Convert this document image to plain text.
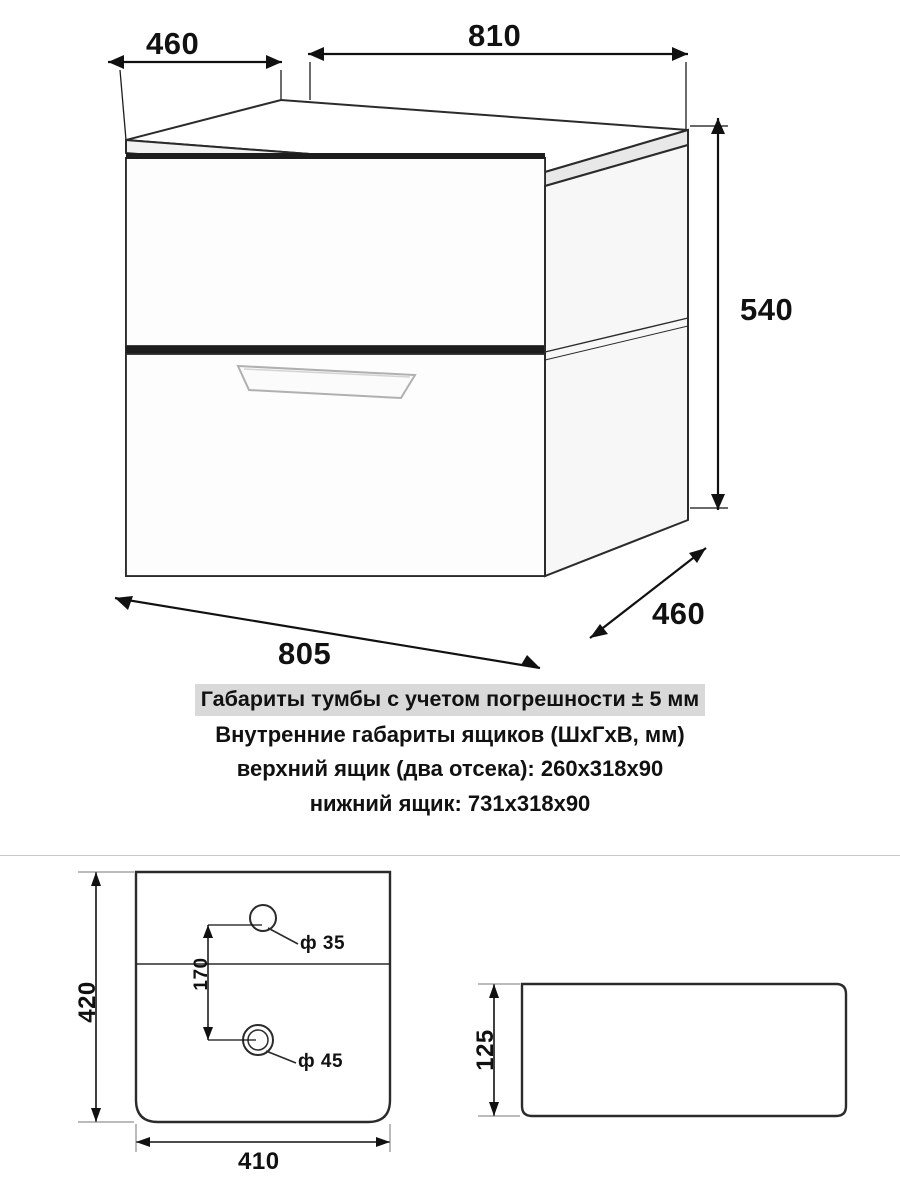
460	810
540
805
460
Габариты тумбы с учетом погрешности ± 5 мм
Внутренние габариты ящиков (ШхГхВ, мм)
верхний ящик (два отсека): 260x318x90
нижний ящик: 731x318x90
420
410
170
ф 35
ф 45	125
